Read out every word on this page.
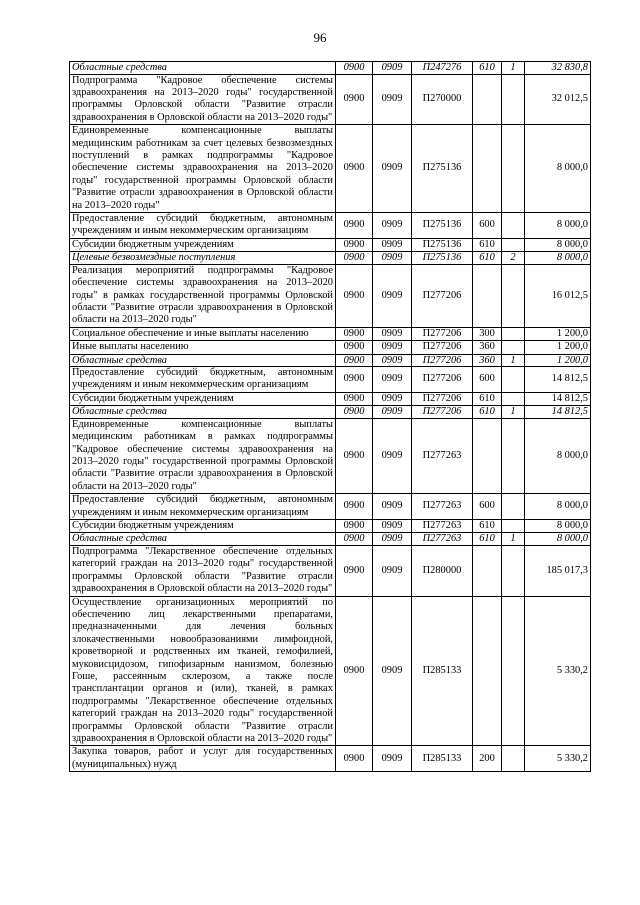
96
Областные средства	0900	0909	П247276	610	1	32 830,8
Подпрограмма "Кадровое обеспечение системы здравоохранения на 2013–2020 годы" государственной программы Орловской области "Развитие отрасли здравоохранения в Орловской области на 2013–2020 годы"	0900	0909	П270000			32 012,5
Единовременные компенсационные выплаты медицинским работникам за счет целевых безвозмездных поступлений в рамках подпрограммы "Кадровое обеспечение системы здравоохранения на 2013–2020 годы" государственной программы Орловской области "Развитие отрасли здравоохранения в Орловской области на 2013–2020 годы"	0900	0909	П275136			8 000,0
Предоставление субсидий бюджетным, автономным учреждениям и иным некоммерческим организациям	0900	0909	П275136	600		8 000,0
Субсидии бюджетным учреждениям	0900	0909	П275136	610		8 000,0
Целевые безвозмездные поступления	0900	0909	П275136	610	2	8 000,0
Реализация мероприятий подпрограммы "Кадровое обеспечение системы здравоохранения на 2013–2020 годы" в рамках государственной программы Орловской области "Развитие отрасли здравоохранения в Орловской области на 2013–2020 годы"	0900	0909	П277206			16 012,5
Социальное обеспечение и иные выплаты населению	0900	0909	П277206	300		1 200,0
Иные выплаты населению	0900	0909	П277206	360		1 200,0
Областные средства	0900	0909	П277206	360	1	1 200,0
Предоставление субсидий бюджетным, автономным учреждениям и иным некоммерческим организациям	0900	0909	П277206	600		14 812,5
Субсидии бюджетным учреждениям	0900	0909	П277206	610		14 812,5
Областные средства	0900	0909	П277206	610	1	14 812,5
Единовременные компенсационные выплаты медицинским работникам в рамках подпрограммы "Кадровое обеспечение системы здравоохранения на 2013–2020 годы" государственной программы Орловской области "Развитие отрасли здравоохранения в Орловской области на 2013–2020 годы"	0900	0909	П277263			8 000,0
Предоставление субсидий бюджетным, автономным учреждениям и иным некоммерческим организациям	0900	0909	П277263	600		8 000,0
Субсидии бюджетным учреждениям	0900	0909	П277263	610		8 000,0
Областные средства	0900	0909	П277263	610	1	8 000,0
Подпрограмма "Лекарственное обеспечение отдельных категорий граждан на 2013–2020 годы" государственной программы Орловской области "Развитие отрасли здравоохранения в Орловской области на 2013–2020 годы"	0900	0909	П280000			185 017,3
Осуществление организационных мероприятий по обеспечению лиц лекарственными препаратами, предназначенными для лечения больных злокачественными новообразованиями лимфоидной, кроветворной и родственных им тканей, гемофилией, муковисцидозом, гипофизарным нанизмом, болезнью Гоше, рассеянным склерозом, а также после трансплантации органов и (или), тканей, в рамках подпрограммы "Лекарственное обеспечение отдельных категорий граждан на 2013–2020 годы" государственной программы Орловской области "Развитие отрасли здравоохранения в Орловской области на 2013–2020 годы"	0900	0909	П285133			5 330,2
Закупка товаров, работ и услуг для государственных (муниципальных) нужд	0900	0909	П285133	200		5 330,2
